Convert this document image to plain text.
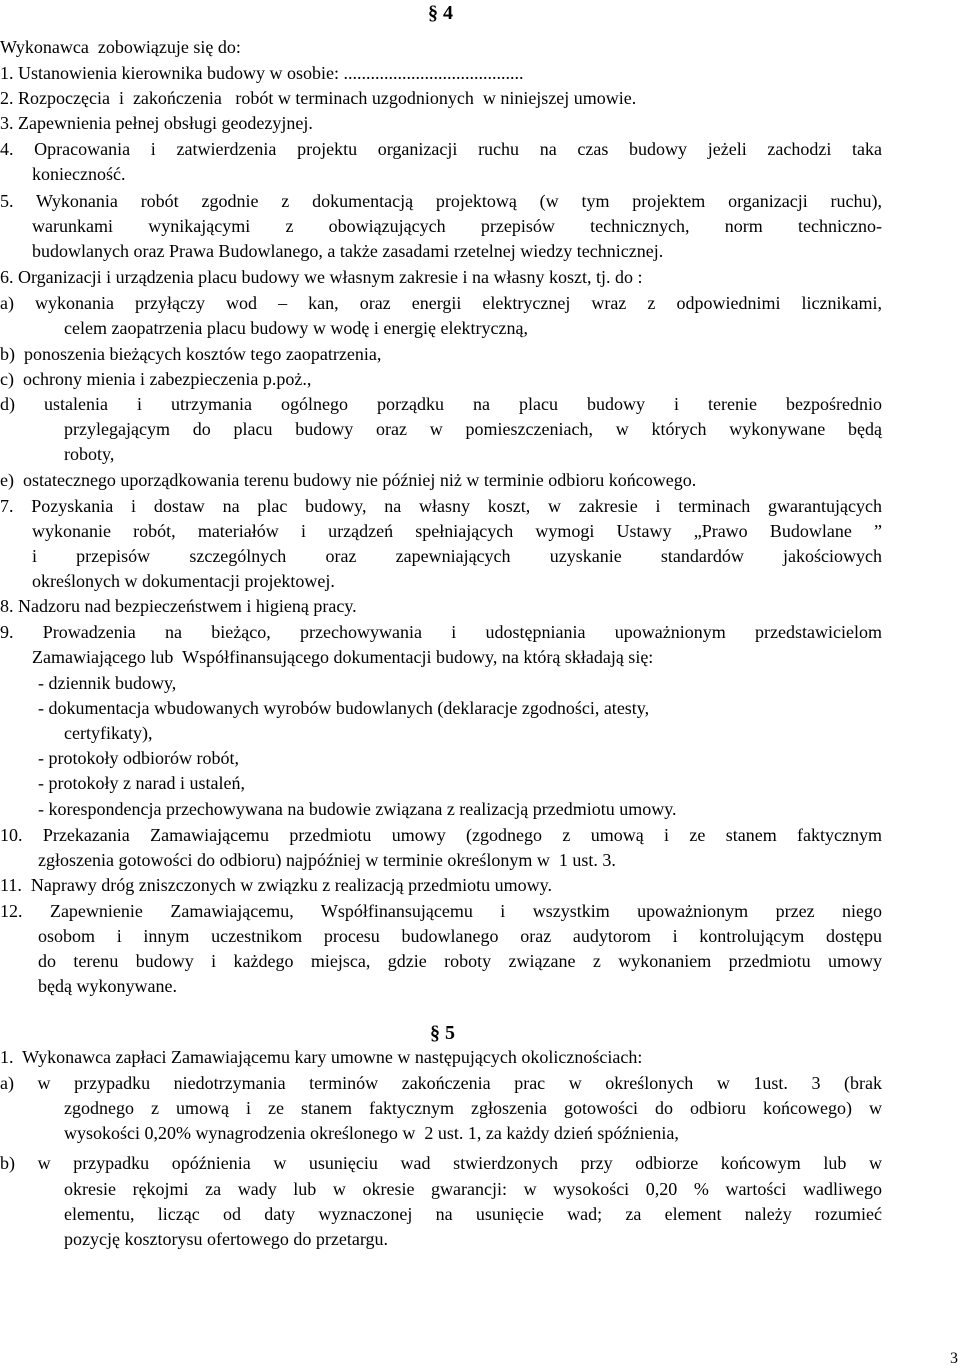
§ 4

Wykonawca  zobowiązuje się do:

1. Ustanowienia kierownika budowy w osobie: ........................................

2. Rozpoczęcia  i  zakończenia   robót w terminach uzgodnionych  w niniejszej umowie.

3. Zapewnienia pełnej obsługi geodezyjnej.

4. Opracowania i zatwierdzenia projektu organizacji ruchu na czas budowy jeżeli zachodzi taka

konieczność.

5. Wykonania robót zgodnie z dokumentacją projektową (w tym projektem organizacji ruchu),

warunkami wynikającymi z obowiązujących przepisów technicznych, norm techniczno-

budowlanych oraz Prawa Budowlanego, a także zasadami rzetelnej wiedzy technicznej.

6. Organizacji i urządzenia placu budowy we własnym zakresie i na własny koszt, tj. do :

a) wykonania przyłączy wod – kan, oraz energii elektrycznej wraz z odpowiednimi licznikami,

celem zaopatrzenia placu budowy w wodę i energię elektryczną,

b)  ponoszenia bieżących kosztów tego zaopatrzenia,

c)  ochrony mienia i zabezpieczenia p.poż.,

d) ustalenia i utrzymania ogólnego porządku na placu budowy i terenie bezpośrednio

przylegającym do placu budowy oraz w pomieszczeniach, w których wykonywane będą

roboty,

e)  ostatecznego uporządkowania terenu budowy nie później niż w terminie odbioru końcowego.

7. Pozyskania i dostaw na plac budowy, na własny koszt, w zakresie i terminach gwarantujących

wykonanie robót, materiałów i urządzeń spełniających wymogi Ustawy „Prawo Budowlane ”

i przepisów szczególnych oraz zapewniających uzyskanie standardów jakościowych

określonych w dokumentacji projektowej.

8. Nadzoru nad bezpieczeństwem i higieną pracy.

9. Prowadzenia na bieżąco, przechowywania i udostępniania upoważnionym przedstawicielom

Zamawiającego lub  Współfinansującego dokumentacji budowy, na którą składają się:

- dziennik budowy,

- dokumentacja wbudowanych wyrobów budowlanych (deklaracje zgodności, atesty,

certyfikaty),

- protokoły odbiorów robót,

- protokoły z narad i ustaleń,

- korespondencja przechowywana na budowie związana z realizacją przedmiotu umowy.

10. Przekazania Zamawiającemu przedmiotu umowy (zgodnego z umową i ze stanem faktycznym

zgłoszenia gotowości do odbioru) najpóźniej w terminie określonym w  1 ust. 3.

11.  Naprawy dróg zniszczonych w związku z realizacją przedmiotu umowy.

12. Zapewnienie Zamawiającemu, Współfinansującemu i wszystkim upoważnionym przez niego

osobom i innym uczestnikom procesu budowlanego oraz audytorom i kontrolującym dostępu

do terenu budowy i każdego miejsca, gdzie roboty związane z wykonaniem przedmiotu umowy

będą wykonywane.

1.  Wykonawca zapłaci Zamawiającemu kary umowne w następujących okolicznościach:

a) w przypadku niedotrzymania terminów zakończenia prac w określonych w 1ust. 3 (brak

zgodnego z umową i ze stanem faktycznym zgłoszenia gotowości do odbioru końcowego) w

wysokości 0,20% wynagrodzenia określonego w  2 ust. 1, za każdy dzień spóźnienia,

b) w przypadku opóźnienia w usunięciu wad stwierdzonych przy odbiorze końcowym lub w

okresie rękojmi za wady lub w okresie gwarancji: w wysokości 0,20 % wartości wadliwego

elementu, licząc od daty wyznaczonej na usunięcie wad; za element należy rozumieć

pozycję kosztorysu ofertowego do przetargu.

§ 5
3
